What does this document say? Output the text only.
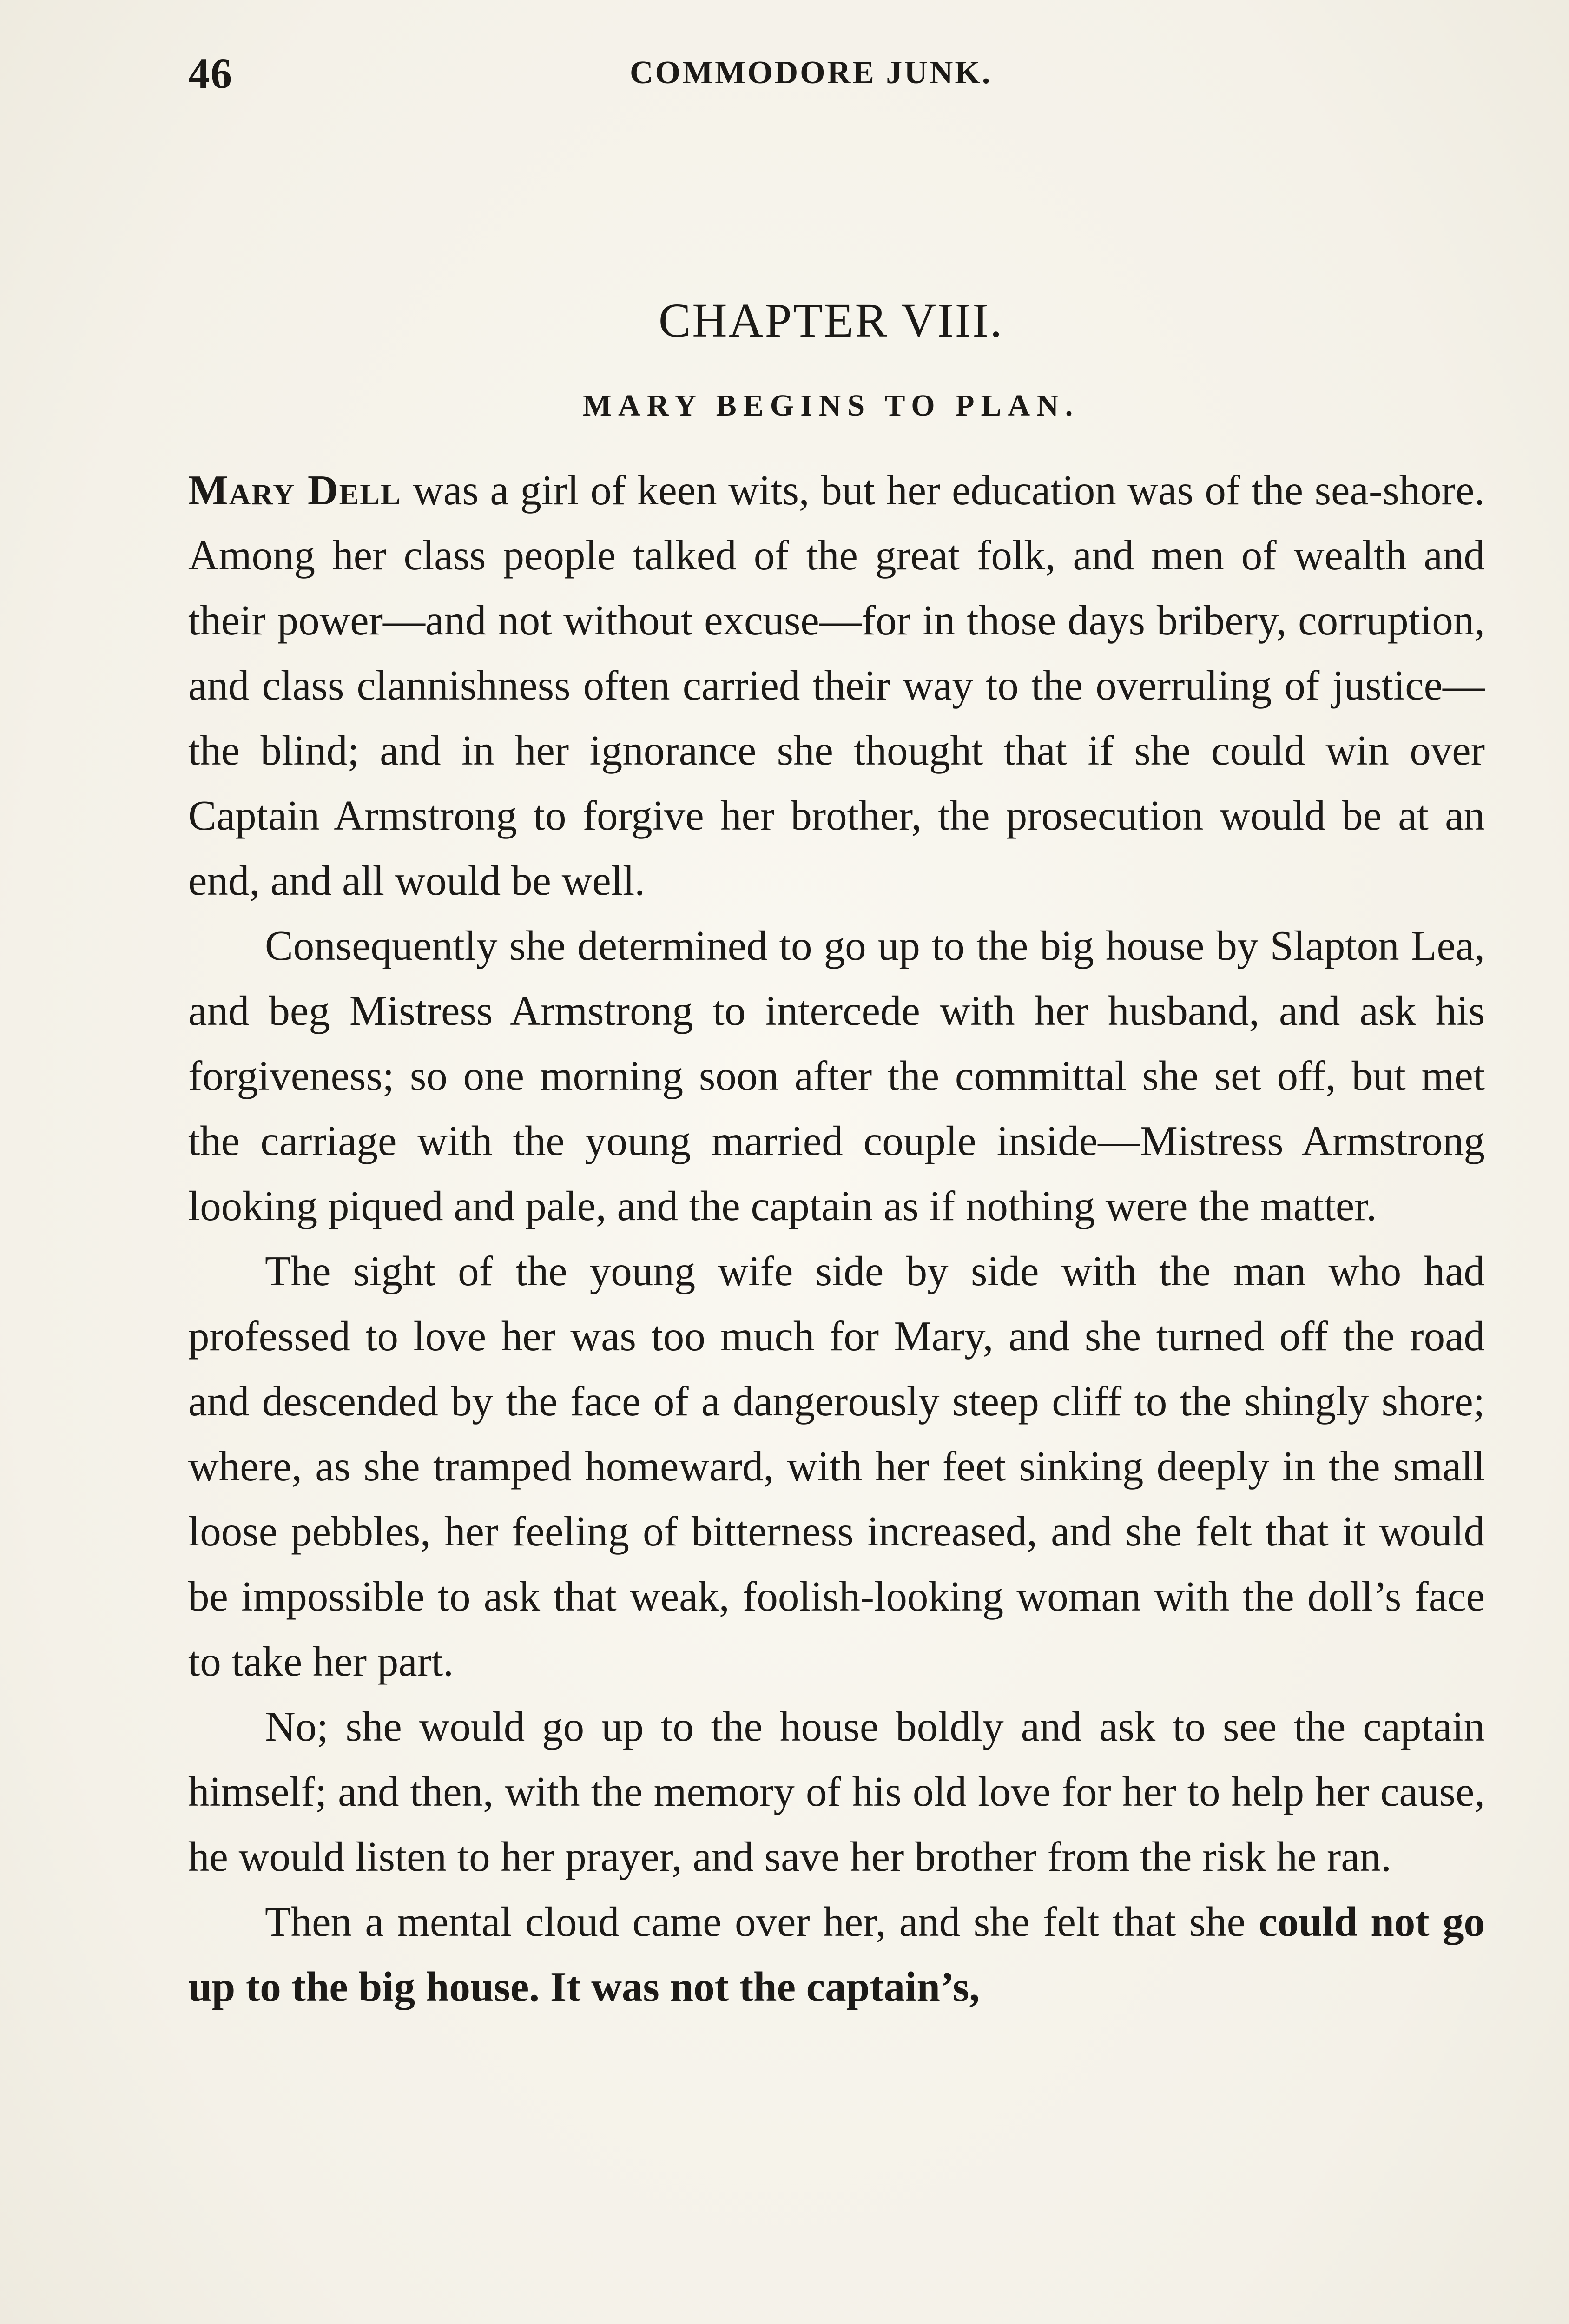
46	COMMODORE JUNK.
CHAPTER VIII.
MARY BEGINS TO PLAN.

Mary Dell was a girl of keen wits, but her education was of the sea-shore. Among her class people talked of the great folk, and men of wealth and their power—and not without excuse—for in those days bribery, corruption, and class clannishness often carried their way to the overruling of justice—the blind; and in her ignorance she thought that if she could win over Captain Armstrong to forgive her brother, the prosecution would be at an end, and all would be well.

Consequently she determined to go up to the big house by Slapton Lea, and beg Mistress Armstrong to intercede with her husband, and ask his forgiveness; so one morning soon after the committal she set off, but met the carriage with the young married couple inside—Mistress Armstrong looking piqued and pale, and the captain as if nothing were the matter.

The sight of the young wife side by side with the man who had professed to love her was too much for Mary, and she turned off the road and descended by the face of a dangerously steep cliff to the shingly shore; where, as she tramped homeward, with her feet sinking deeply in the small loose pebbles, her feeling of bitterness increased, and she felt that it would be impossible to ask that weak, foolish-looking woman with the doll’s face to take her part.

No; she would go up to the house boldly and ask to see the captain himself; and then, with the memory of his old love for her to help her cause, he would listen to her prayer, and save her brother from the risk he ran.

Then a mental cloud came over her, and she felt that she could not go up to the big house. It was not the captain’s,
